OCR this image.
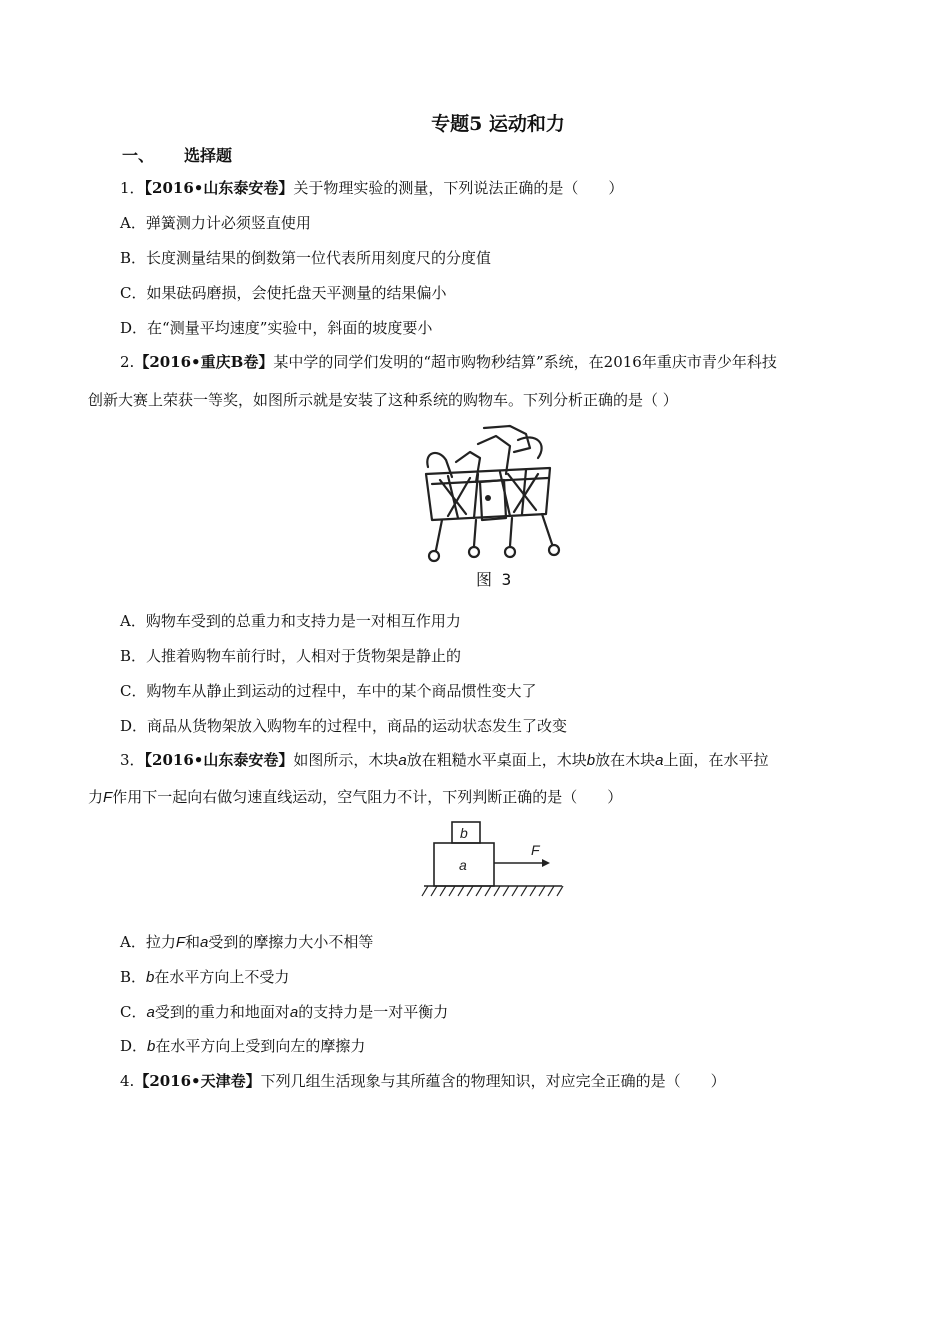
专题5 运动和力
一、 选择题
1．【2016•山东泰安卷】关于物理实验的测量，下列说法正确的是（　　）
A．弹簧测力计必须竖直使用
B．长度测量结果的倒数第一位代表所用刻度尺的分度值
C．如果砝码磨损，会使托盘天平测量的结果偏小
D．在“测量平均速度”实验中，斜面的坡度要小
2.【2016•重庆B卷】某中学的同学们发明的“超市购物秒结算”系统，在2016年重庆市青少年科技
创新大赛上荣获一等奖，如图所示就是安装了这种系统的购物车。下列分析正确的是（ ）
图 3
A．购物车受到的总重力和支持力是一对相互作用力
B．人推着购物车前行时，人相对于货物架是静止的
C．购物车从静止到运动的过程中，车中的某个商品惯性变大了
D．商品从货物架放入购物车的过程中，商品的运动状态发生了改变
3．【2016•山东泰安卷】如图所示，木块a放在粗糙水平桌面上，木块b放在木块a上面，在水平拉
力F作用下一起向右做匀速直线运动，空气阻力不计，下列判断正确的是（　　）
b
a
F
A．拉力F和a受到的摩擦力大小不相等
B．b在水平方向上不受力
C．a受到的重力和地面对a的支持力是一对平衡力
D．b在水平方向上受到向左的摩擦力
4.【2016•天津卷】下列几组生活现象与其所蕴含的物理知识，对应完全正确的是（　　）
